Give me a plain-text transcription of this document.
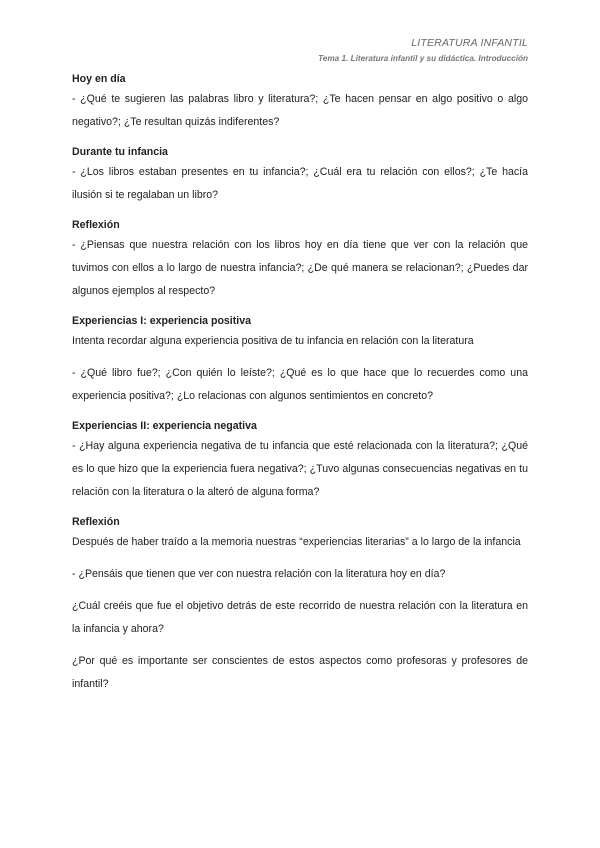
LITERATURA INFANTIL
Tema 1. Literatura infantil y su didáctica. Introducción
Hoy en día

- ¿Qué te sugieren las palabras libro y literatura?; ¿Te hacen pensar en algo positivo o algo negativo?; ¿Te resultan quizás indiferentes?

Durante tu infancia

- ¿Los libros estaban presentes en tu infancia?; ¿Cuál era tu relación con ellos?; ¿Te hacía ilusión si te regalaban un libro?

Reflexión

- ¿Piensas que nuestra relación con los libros hoy en día tiene que ver con la relación que tuvimos con ellos a lo largo de nuestra infancia?; ¿De qué manera se relacionan?; ¿Puedes dar algunos ejemplos al respecto?

Experiencias I: experiencia positiva

Intenta recordar alguna experiencia positiva de tu infancia en relación con la literatura

- ¿Qué libro fue?; ¿Con quién lo leíste?; ¿Qué es lo que hace que lo recuerdes como una experiencia positiva?; ¿Lo relacionas con algunos sentimientos en concreto?

Experiencias II: experiencia negativa

- ¿Hay alguna experiencia negativa de tu infancia que esté relacionada con la literatura?; ¿Qué es lo que hizo que la experiencia fuera negativa?; ¿Tuvo algunas consecuencias negativas en tu relación con la literatura o la alteró de alguna forma?

Reflexión

Después de haber traído a la memoria nuestras “experiencias literarias” a lo largo de la infancia

- ¿Pensáis que tienen que ver con nuestra relación con la literatura hoy en día?

¿Cuál creéis que fue el objetivo detrás de este recorrido de nuestra relación con la literatura en la infancia y ahora?

¿Por qué es importante ser conscientes de estos aspectos como profesoras y profesores de infantil?
